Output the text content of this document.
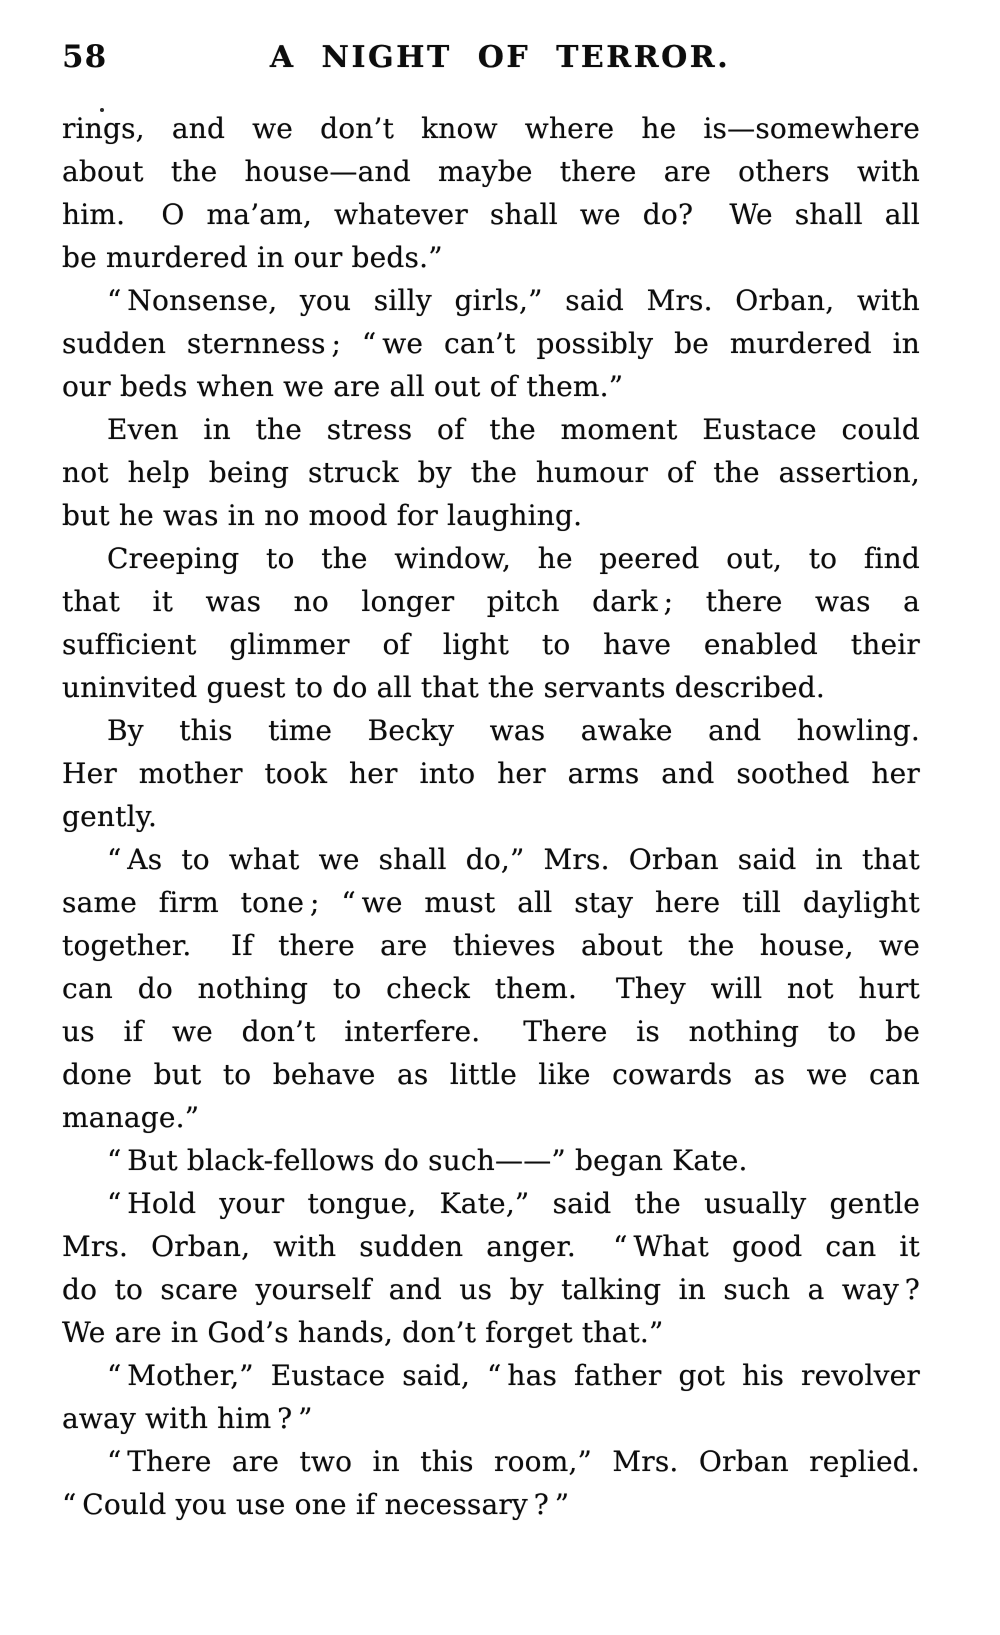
58	A NIGHT OF TERROR.
rings, and we don’t know where he is—somewhere
about the house—and maybe there are others with
him.  O ma’am, whatever shall we do?  We shall all
be murdered in our beds.”
“ Nonsense, you silly girls,” said Mrs. Orban, with
sudden sternness ; “ we can’t possibly be murdered in
our beds when we are all out of them.”
Even in the stress of the moment Eustace could
not help being struck by the humour of the assertion,
but he was in no mood for laughing.
Creeping to the window, he peered out, to find
that it was no longer pitch dark ; there was a
sufficient glimmer of light to have enabled their
uninvited guest to do all that the servants described.
By this time Becky was awake and howling.
Her mother took her into her arms and soothed her
gently.
“ As to what we shall do,” Mrs. Orban said in that
same firm tone ; “ we must all stay here till daylight
together.  If there are thieves about the house, we
can do nothing to check them.  They will not hurt
us if we don’t interfere.  There is nothing to be
done but to behave as little like cowards as we can
manage.”
“ But black-fellows do such——” began Kate.
“ Hold your tongue, Kate,” said the usually gentle
Mrs. Orban, with sudden anger.  “ What good can it
do to scare yourself and us by talking in such a way ?
We are in God’s hands, don’t forget that.”
“ Mother,” Eustace said, “ has father got his revolver
away with him ? ”
“ There are two in this room,” Mrs. Orban replied.
“ Could you use one if necessary ? ”
